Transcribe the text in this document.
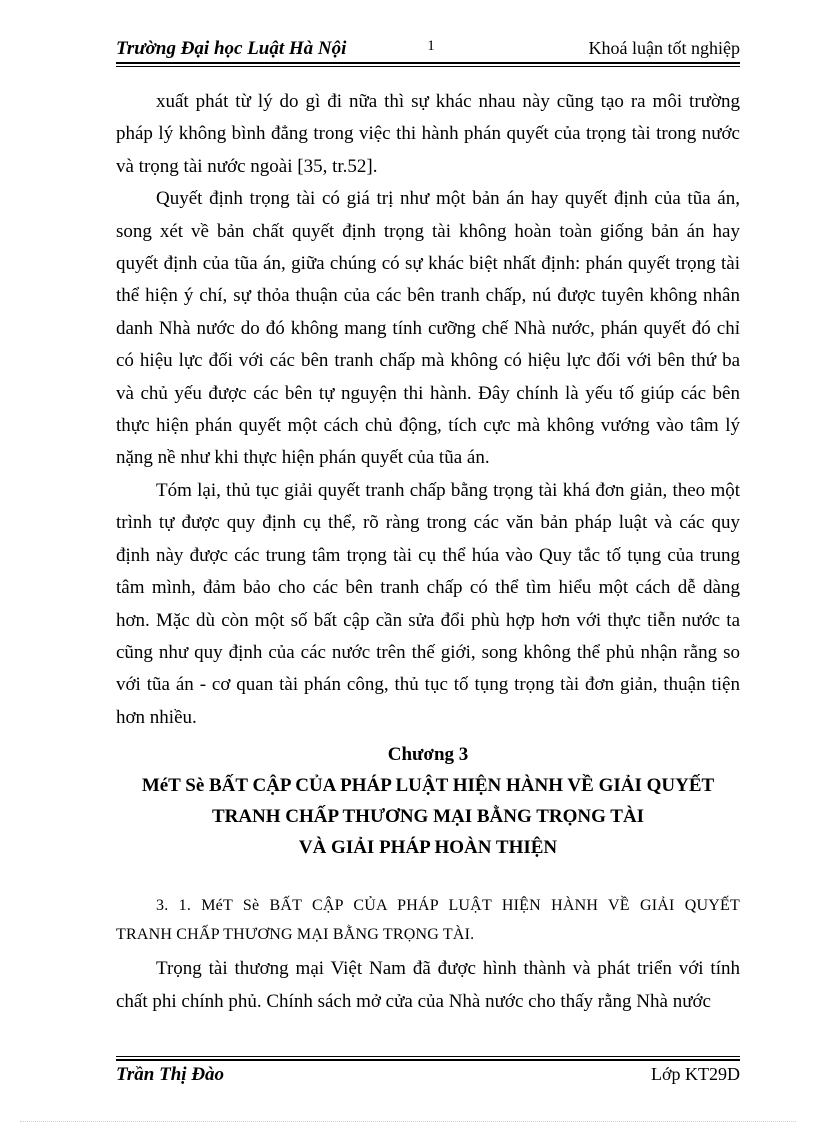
Trường Đại học Luật Hà Nội	1	Khoá luận tốt nghiệp

xuất phát từ lý do gì đi nữa thì sự khác nhau này cũng tạo ra môi trường

pháp lý không bình đẳng trong việc thi hành phán quyết của trọng tài trong nước

và trọng tài nước ngoài [35, tr.52].

Quyết định trọng tài có giá trị như một bản án hay quyết định của tũa án,

song xét về bản chất quyết định trọng tài không hoàn toàn giống bản án hay

quyết định của tũa án, giữa chúng có sự khác biệt nhất định: phán quyết trọng tài

thể hiện ý chí, sự thỏa thuận của các bên tranh chấp, nú được tuyên không nhân

danh Nhà nước do đó không mang tính cưỡng chế Nhà nước, phán quyết đó chỉ

có hiệu lực đối với các bên tranh chấp mà không có hiệu lực đối với bên thứ ba

và chủ yếu được các bên tự nguyện thi hành. Đây chính là yếu tố giúp các bên

thực hiện phán quyết một cách chủ động, tích cực mà không vướng vào tâm lý

nặng nề như khi thực hiện phán quyết của tũa án.

Tóm lại, thủ tục giải quyết tranh chấp bằng trọng tài khá đơn giản, theo một

trình tự được quy định cụ thể, rõ ràng trong các văn bản pháp luật và các quy

định này được các trung tâm trọng tài cụ thể húa vào Quy tắc tố tụng của trung

tâm mình, đảm bảo cho các bên tranh chấp có thể tìm hiểu một cách dễ dàng

hơn. Mặc dù còn một số bất cập cần sửa đổi phù hợp hơn với thực tiễn nước ta

cũng như quy định của các nước trên thế giới, song không thể phủ nhận rằng so

với tũa án - cơ quan tài phán công, thủ tục tố tụng trọng tài đơn giản, thuận tiện

hơn nhiều.

Chương 3
MéT Sè BẤT CẬP CỦA PHÁP LUẬT HIỆN HÀNH VỀ GIẢI QUYẾT
TRANH CHẤP THƯƠNG MẠI BẰNG TRỌNG TÀI
VÀ GIẢI PHÁP HOÀN THIỆN
3. 1. MéT Sè BẤT CẬP CỦA PHÁP LUẬT HIỆN HÀNH VỀ GIẢI QUYẾT
TRANH CHẤP THƯƠNG MẠI BẰNG TRỌNG TÀI.

Trọng tài thương mại Việt Nam đã được hình thành và phát triển với tính

chất phi chính phủ. Chính sách mở cửa của Nhà nước cho thấy rằng Nhà nước

Trần Thị Đào	Lớp KT29D
